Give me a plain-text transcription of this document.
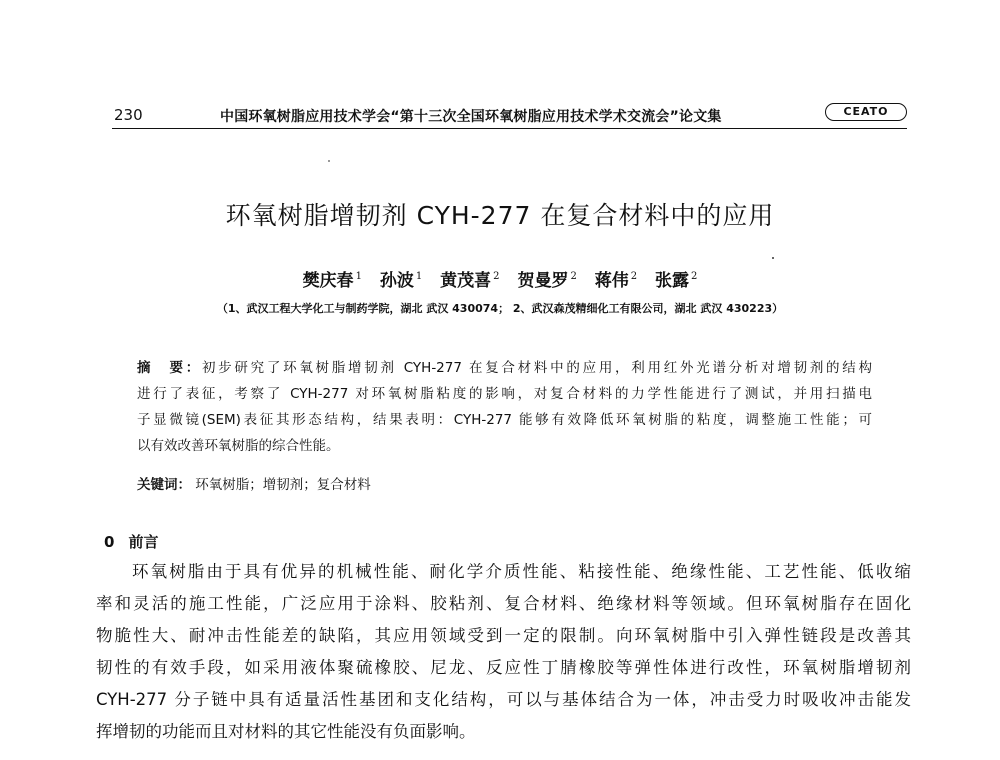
230	中国环氧树脂应用技术学会“第十三次全国环氧树脂应用技术学术交流会”论文集	CEATO
环氧树脂增韧剂 CYH-277 在复合材料中的应用
樊庆春 $^1$ 孙波 $^1$ 黄茂喜 $^2$ 贺曼罗 $^2$ 蒋伟 $^2$ 张露 $^2$
（1、武汉工程大学化工与制药学院，湖北 武汉 430074； 2、武汉森茂精细化工有限公司，湖北 武汉 430223）

摘　要：初步研究了环氧树脂增韧剂 CYH-277 在复合材料中的应用，利用红外光谱分析对增韧剂的结构

进行了表征，考察了 CYH-277 对环氧树脂粘度的影响，对复合材料的力学性能进行了测试，并用扫描电

子显微镜(SEM)表征其形态结构，结果表明：CYH-277 能够有效降低环氧树脂的粘度，调整施工性能；可

以有效改善环氧树脂的综合性能。

关键词： 环氧树脂；增韧剂；复合材料
0 前言

环氧树脂由于具有优异的机械性能、耐化学介质性能、粘接性能、绝缘性能、工艺性能、低收缩

率和灵活的施工性能，广泛应用于涂料、胶粘剂、复合材料、绝缘材料等领域。但环氧树脂存在固化

物脆性大、耐冲击性能差的缺陷，其应用领域受到一定的限制。向环氧树脂中引入弹性链段是改善其

韧性的有效手段，如采用液体聚硫橡胶、尼龙、反应性丁腈橡胶等弹性体进行改性，环氧树脂增韧剂

CYH-277 分子链中具有适量活性基团和支化结构，可以与基体结合为一体，冲击受力时吸收冲击能发

挥增韧的功能而且对材料的其它性能没有负面影响。
